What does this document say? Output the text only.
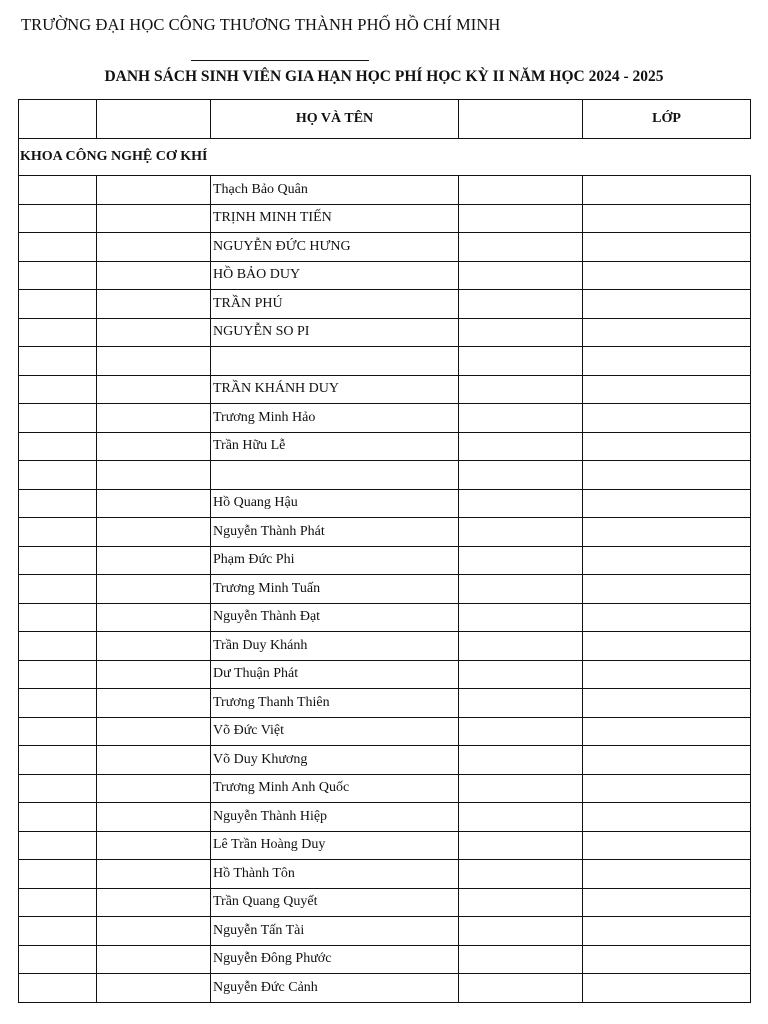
TRƯỜNG ĐẠI HỌC CÔNG THƯƠNG THÀNH PHỐ HỒ CHÍ MINH
DANH SÁCH SINH VIÊN GIA HẠN HỌC PHÍ HỌC KỲ II NĂM HỌC 2024 - 2025
		HỌ VÀ TÊN		LỚP
KHOA CÔNG NGHỆ CƠ KHÍ				
		Thạch Bảo Quân		
		TRỊNH MINH TIẾN		
		NGUYỄN ĐỨC HƯNG		
		HỒ BẢO DUY		
		TRẦN PHÚ		
		NGUYỄN SO PI		

		TRẦN KHÁNH DUY		
		Trương Minh Hảo		
		Trần Hữu Lễ		

		Hồ Quang Hậu		
		Nguyễn Thành Phát		
		Phạm Đức Phi		
		Trương Minh Tuấn		
		Nguyễn Thành Đạt		
		Trần Duy Khánh		
		Dư Thuận Phát		
		Trương Thanh Thiên		
		Võ Đức Việt		
		Võ Duy Khương		
		Trương Minh Anh Quốc		
		Nguyễn Thành Hiệp		
		Lê Trần Hoàng Duy		
		Hồ Thành Tôn		
		Trần Quang Quyết		
		Nguyễn Tấn Tài		
		Nguyễn Đông Phước		
		Nguyễn Đức Cảnh		
